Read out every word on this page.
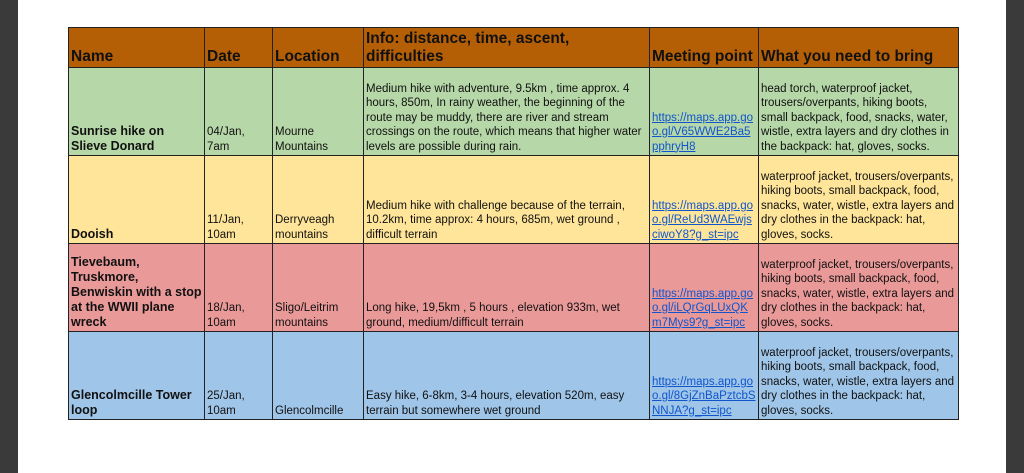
Name	Date	Location	Info: distance, time, ascent, difficulties	Meeting point	What you need to bring
Sunrise hike on Slieve Donard	04/Jan, 7am	Mourne Mountains	Medium hike with adventure, 9.5km , time approx. 4 hours, 850m, In rainy weather, the beginning of the route may be muddy, there are river and stream crossings on the route, which means that higher water levels are possible during rain.	https://maps.app.goo.gl/V65WWE2Ba5pphryH8	head torch, waterproof jacket, trousers/overpants, hiking boots, small backpack, food, snacks, water, wistle, extra layers and dry clothes in the backpack: hat, gloves, socks.
Dooish	11/Jan, 10am	Derryveagh mountains	Medium hike with challenge because of the terrain, 10.2km, time approx: 4 hours, 685m, wet ground , difficult terrain	https://maps.app.goo.gl/ReUd3WAEwjsciwoY8?g_st=ipc	waterproof jacket, trousers/overpants, hiking boots, small backpack, food, snacks, water, wistle, extra layers and dry clothes in the backpack: hat, gloves, socks.
Tievebaum, Truskmore, Benwiskin with a stop at the WWII plane wreck	18/Jan, 10am	Sligo/Leitrim mountains	Long hike, 19,5km , 5 hours , elevation 933m, wet ground, medium/difficult terrain	https://maps.app.goo.gl/iLQrGqLUxQKm7Mys9?g_st=ipc	waterproof jacket, trousers/overpants, hiking boots, small backpack, food, snacks, water, wistle, extra layers and dry clothes in the backpack: hat, gloves, socks.
Glencolmcille Tower loop	25/Jan, 10am	Glencolmcille	Easy hike, 6-8km, 3-4 hours, elevation 520m, easy terrain but somewhere wet ground	https://maps.app.goo.gl/8GjZnBaPztcbSNNJA?g_st=ipc	waterproof jacket, trousers/overpants, hiking boots, small backpack, food, snacks, water, wistle, extra layers and dry clothes in the backpack: hat, gloves, socks.
